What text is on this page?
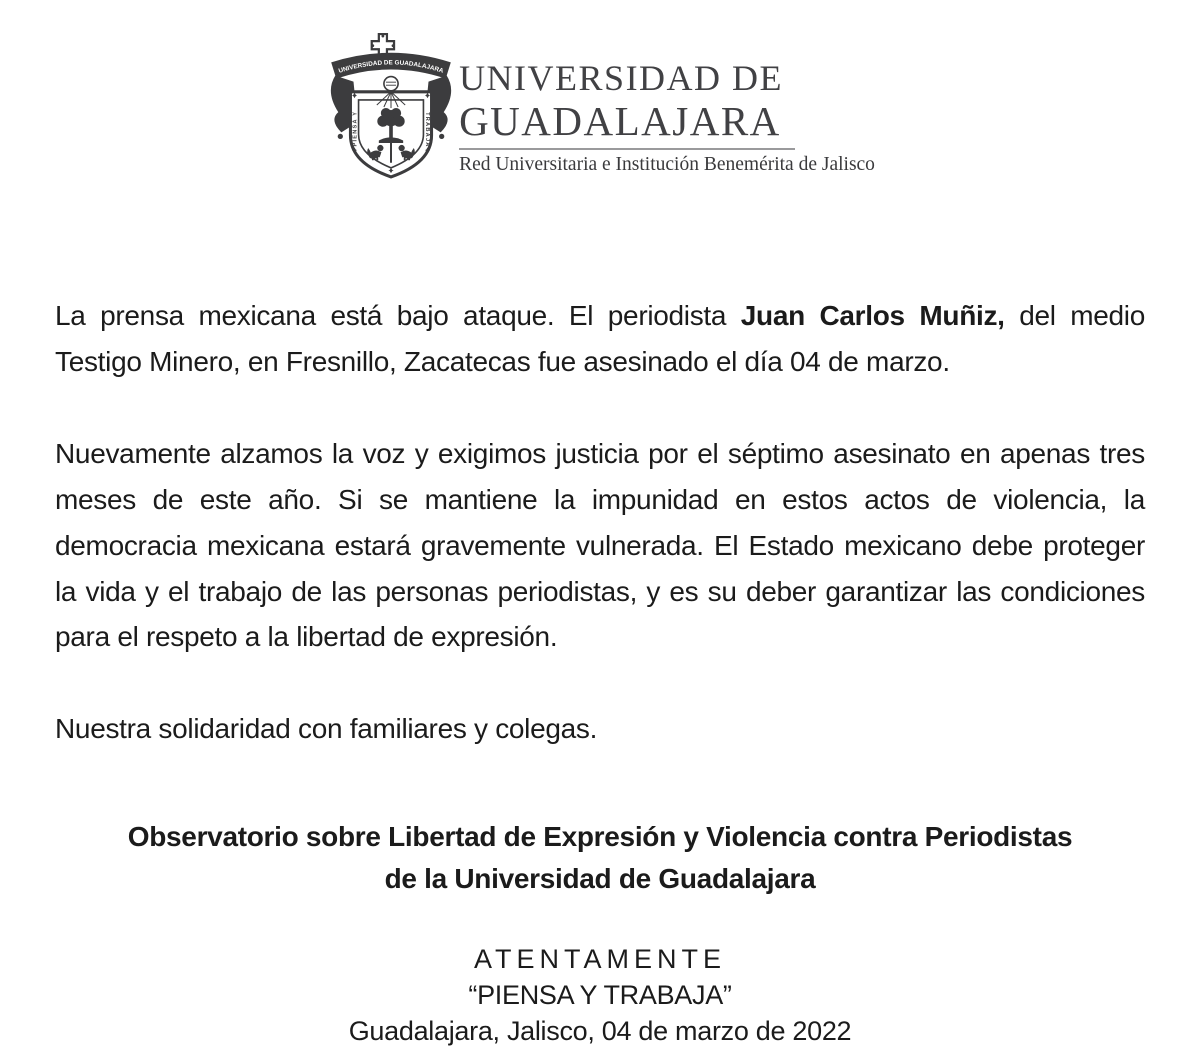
UNIVERSIDAD DE GUADALAJARA
PIENSA Y	TRABAJA
UNIVERSIDAD DE
GUADALAJARA
Red Universitaria e Institución Benemérita de Jalisco

La prensa mexicana está bajo ataque. El periodista Juan Carlos Muñiz, del medio Testigo Minero, en Fresnillo, Zacatecas fue asesinado el día 04 de marzo.

Nuevamente alzamos la voz y exigimos justicia por el séptimo asesinato en apenas tres meses de este año. Si se mantiene la impunidad en estos actos de violencia, la democracia mexicana estará gravemente vulnerada. El Estado mexicano debe proteger la vida y el trabajo de las personas periodistas, y es su deber garantizar las condiciones para el respeto a la libertad de expresión.

Nuestra solidaridad con familiares y colegas.

Observatorio sobre Libertad de Expresión y Violencia contra Periodistas
de la Universidad de Guadalajara
ATENTAMENTE
“PIENSA Y TRABAJA”
Guadalajara, Jalisco, 04 de marzo de 2022
